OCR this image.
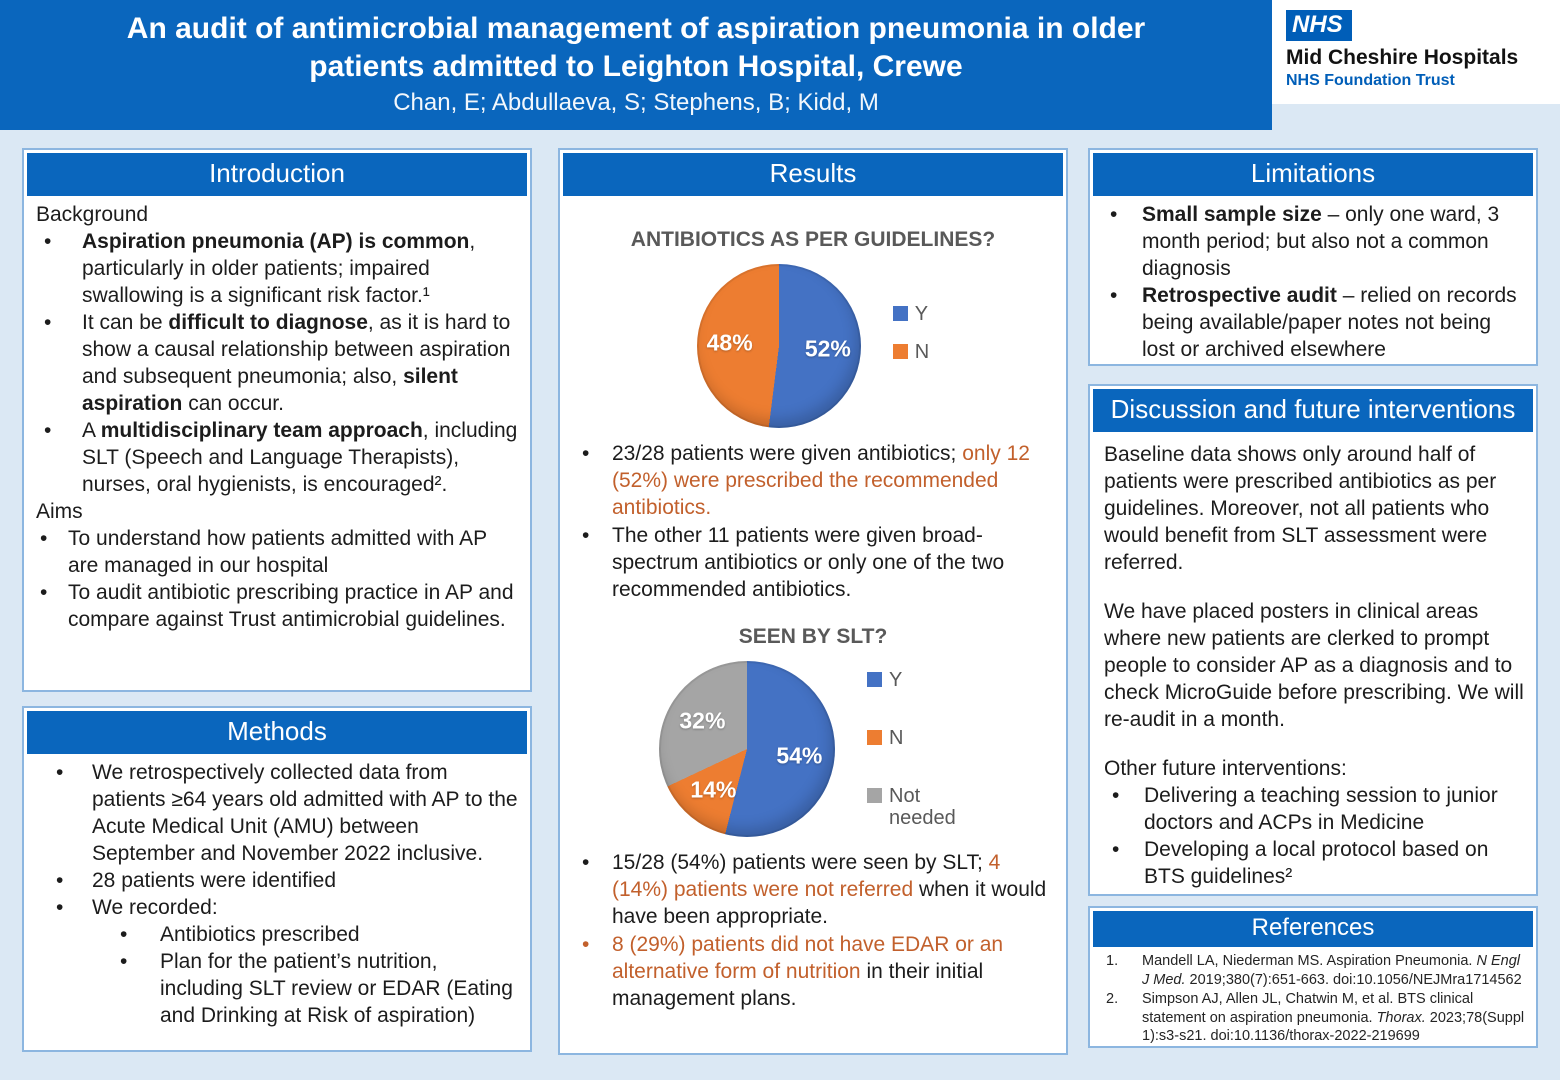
An audit of antimicrobial management of aspiration pneumonia in older
patients admitted to Leighton Hospital, Crewe
Chan, E; Abdullaeva, S; Stephens, B; Kidd, M
NHS
Mid Cheshire Hospitals
NHS Foundation Trust
Introduction
Background
• Aspiration pneumonia (AP) is common, particularly in older patients; impaired swallowing is a significant risk factor.¹
• It can be difficult to diagnose, as it is hard to show a causal relationship between aspiration and subsequent pneumonia; also, silent aspiration can occur.
• A multidisciplinary team approach, including SLT (Speech and Language Therapists), nurses, oral hygienists, is encouraged².
Aims
• To understand how patients admitted with AP are managed in our hospital
• To audit antibiotic prescribing practice in AP and compare against Trust antimicrobial guidelines.
Methods
• We retrospectively collected data from patients ≥64 years old admitted with AP to the Acute Medical Unit (AMU) between September and November 2022 inclusive.
• 28 patients were identified
• We recorded:
• Antibiotics prescribed
• Plan for the patient’s nutrition, including SLT review or EDAR (Eating and Drinking at Risk of aspiration)
Results
ANTIBIOTICS AS PER GUIDELINES?
52%
48%
Y
N
• 23/28 patients were given antibiotics; only 12 (52%) were prescribed the recommended antibiotics.
• The other 11 patients were given broad-spectrum antibiotics or only one of the two recommended antibiotics.
SEEN BY SLT?
54%
14%
32%
Y
N
Not needed
• 15/28 (54%) patients were seen by SLT; 4 (14%) patients were not referred when it would have been appropriate.
• 8 (29%) patients did not have EDAR or an alternative form of nutrition in their initial management plans.
Limitations
• Small sample size – only one ward, 3 month period; but also not a common diagnosis
• Retrospective audit – relied on records being available/paper notes not being lost or archived elsewhere
Discussion and future interventions

Baseline data shows only around half of patients were prescribed antibiotics as per guidelines. Moreover, not all patients who would benefit from SLT assessment were referred.

We have placed posters in clinical areas where new patients are clerked to prompt people to consider AP as a diagnosis and to check MicroGuide before prescribing. We will re-audit in a month.

Other future interventions:

• Delivering a teaching session to junior doctors and ACPs in Medicine
• Developing a local protocol based on BTS guidelines²
References
Mandell LA, Niederman MS. Aspiration Pneumonia. N Engl J Med. 2019;380(7):651-663. doi:10.1056/NEJMra1714562
Simpson AJ, Allen JL, Chatwin M, et al. BTS clinical statement on aspiration pneumonia. Thorax. 2023;78(Suppl 1):s3-s21. doi:10.1136/thorax-2022-219699
